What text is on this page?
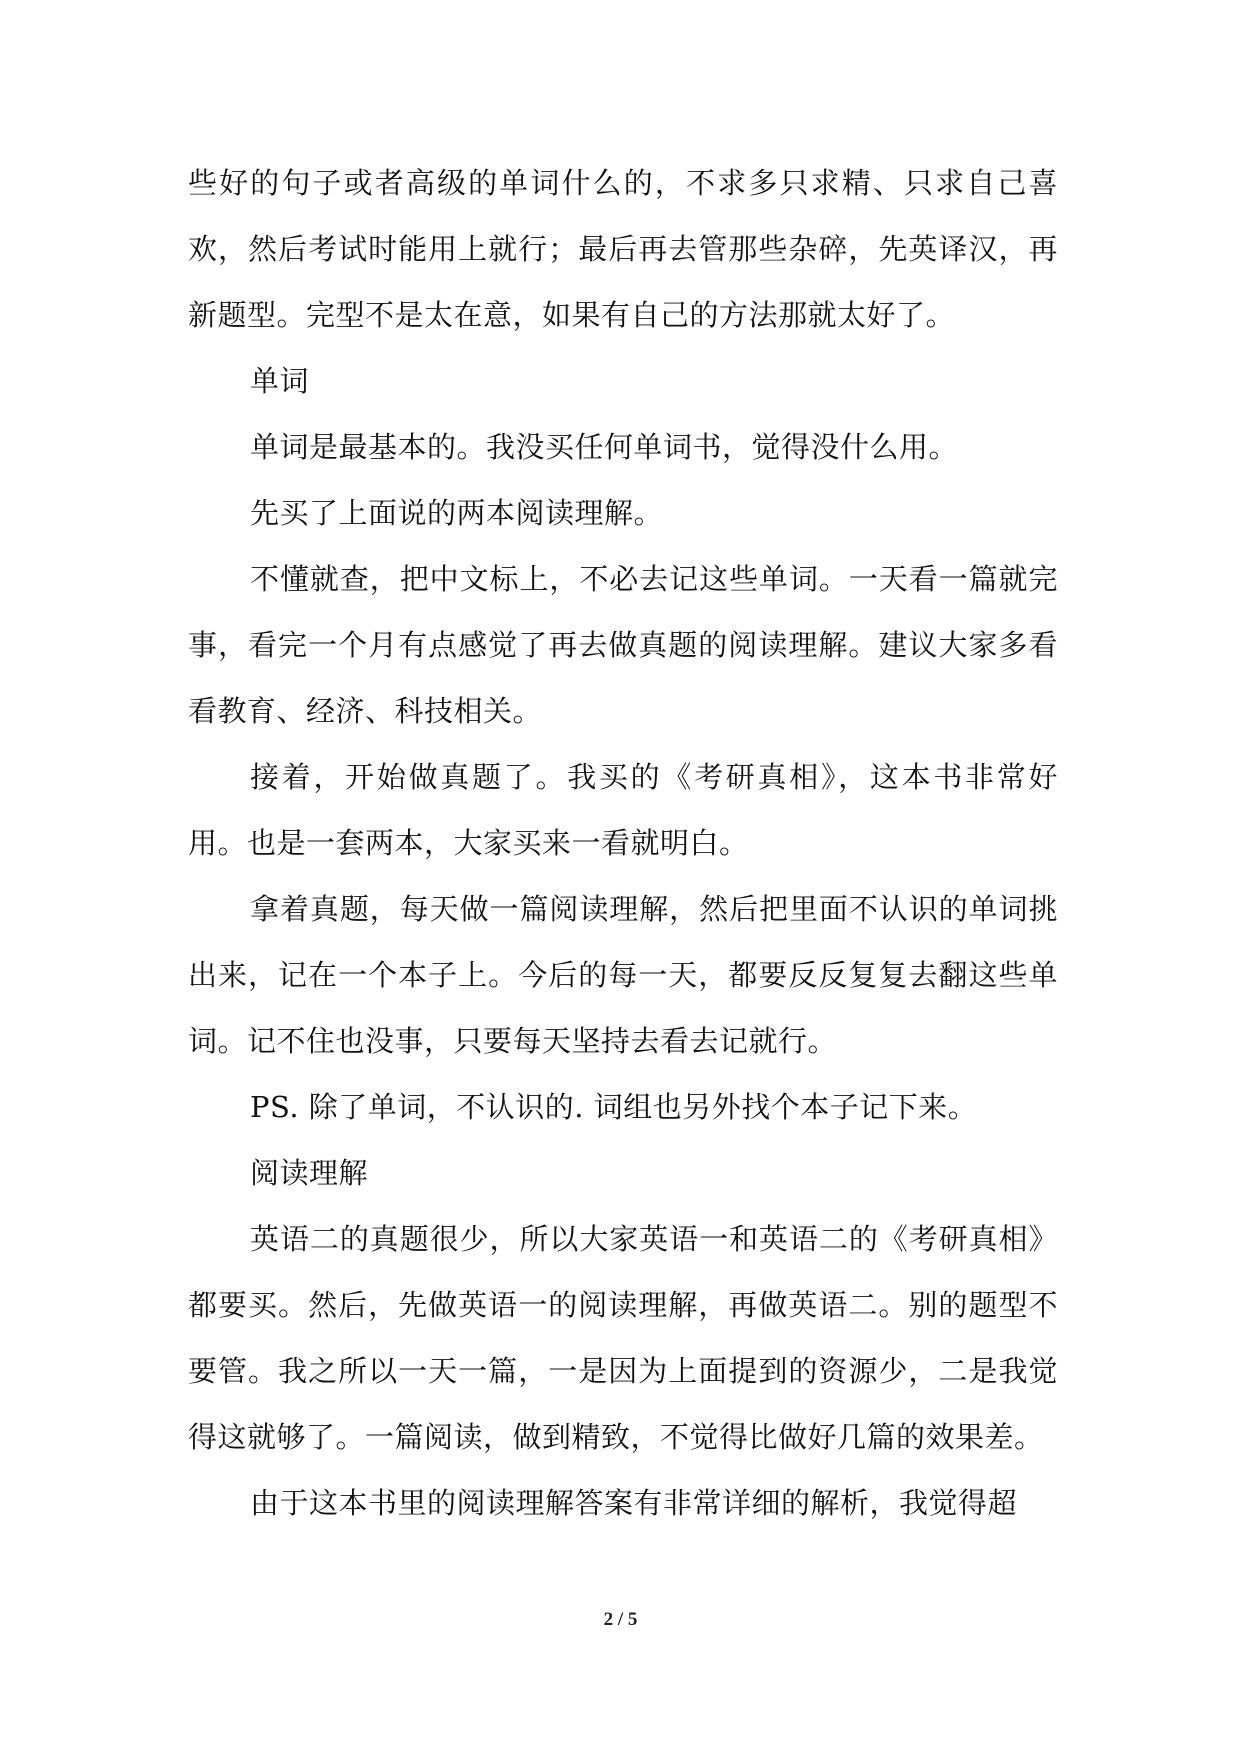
些好的句子或者高级的单词什么的，不求多只求精、只求自己喜欢，然后考试时能用上就行；最后再去管那些杂碎，先英译汉，再新题型。完型不是太在意，如果有自己的方法那就太好了。

单词

单词是最基本的。我没买任何单词书，觉得没什么用。

先买了上面说的两本阅读理解。

不懂就查，把中文标上，不必去记这些单词。一天看一篇就完事，看完一个月有点感觉了再去做真题的阅读理解。建议大家多看看教育、经济、科技相关。

接着，开始做真题了。我买的《考研真相》，这本书非常好用。也是一套两本，大家买来一看就明白。

拿着真题，每天做一篇阅读理解，然后把里面不认识的单词挑出来，记在一个本子上。今后的每一天，都要反反复复去翻这些单词。记不住也没事，只要每天坚持去看去记就行。

PS. 除了单词，不认识的. 词组也另外找个本子记下来。

阅读理解

英语二的真题很少，所以大家英语一和英语二的《考研真相》都要买。然后，先做英语一的阅读理解，再做英语二。别的题型不要管。我之所以一天一篇，一是因为上面提到的资源少，二是我觉得这就够了。一篇阅读，做到精致，不觉得比做好几篇的效果差。

由于这本书里的阅读理解答案有非常详细的解析，我觉得超

2 / 5
